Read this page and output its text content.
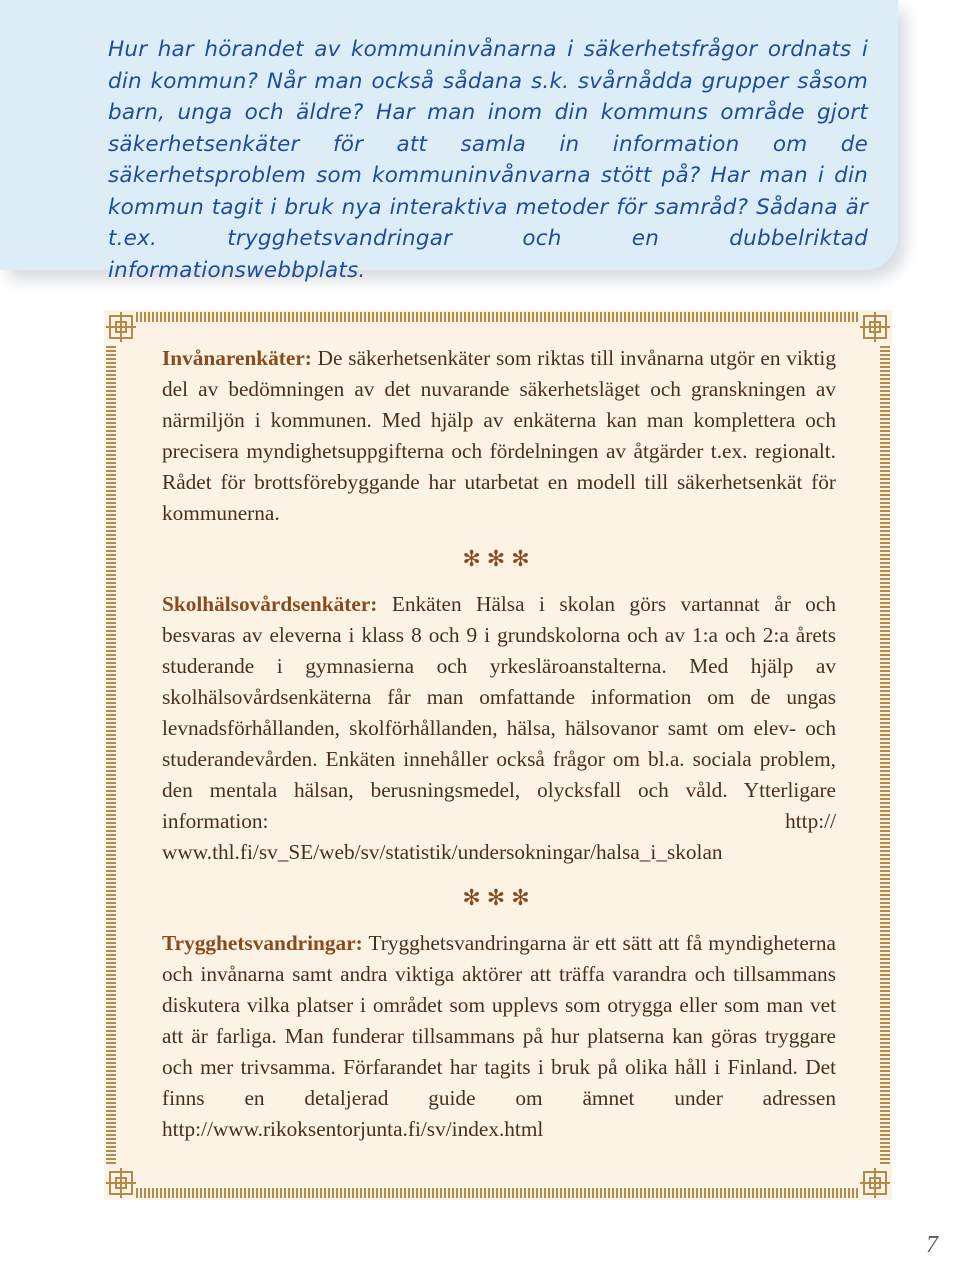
Hur har hörandet av kommuninvånarna i säkerhetsfrågor ordnats i din kommun? Når man också sådana s.k. svårnådda grupper såsom barn, unga och äldre? Har man inom din kommuns område gjort säkerhetsenkäter för att samla in information om de säkerhetsproblem som kommuninvånvarna stött på? Har man i din kommun tagit i bruk nya interaktiva metoder för samråd? Sådana är t.ex. trygghetsvandringar och en dubbelriktad informationswebbplats.

Invånarenkäter: De säkerhetsenkäter som riktas till invånarna utgör en viktig del av bedömningen av det nuvarande säkerhetsläget och granskningen av närmiljön i kommunen. Med hjälp av enkäterna kan man komplettera och precisera myndighetsuppgifterna och fördelningen av åtgärder t.ex. regionalt. Rådet för brottsförebyggande har utarbetat en modell till säkerhetsenkät för kommunerna.

✻✻✻

Skolhälsovårdsenkäter: Enkäten Hälsa i skolan görs vartannat år och besvaras av eleverna i klass 8 och 9 i grundskolorna och av 1:a och 2:a årets studerande i gymnasierna och yrkesläroanstalterna. Med hjälp av skolhälsovårdsenkäterna får man omfattande information om de ungas levnadsförhållanden, skolförhållanden, hälsa, hälsovanor samt om elev- och studerandevården. Enkäten innehåller också frågor om bl.a. sociala problem, den mentala hälsan, berusningsmedel, olycksfall och våld. Ytterligare information: http:// www.thl.fi/sv_SE/web/sv/statistik/undersokningar/halsa_i_skolan

✻✻✻

Trygghetsvandringar: Trygghetsvandringarna är ett sätt att få myndigheterna och invånarna samt andra viktiga aktörer att träffa varandra och tillsammans diskutera vilka platser i området som upplevs som otrygga eller som man vet att är farliga. Man funderar tillsammans på hur platserna kan göras tryggare och mer trivsamma. Förfarandet har tagits i bruk på olika håll i Finland. Det finns en detaljerad guide om ämnet under adressen http://www.rikoksentorjunta.fi/sv/index.html

7
